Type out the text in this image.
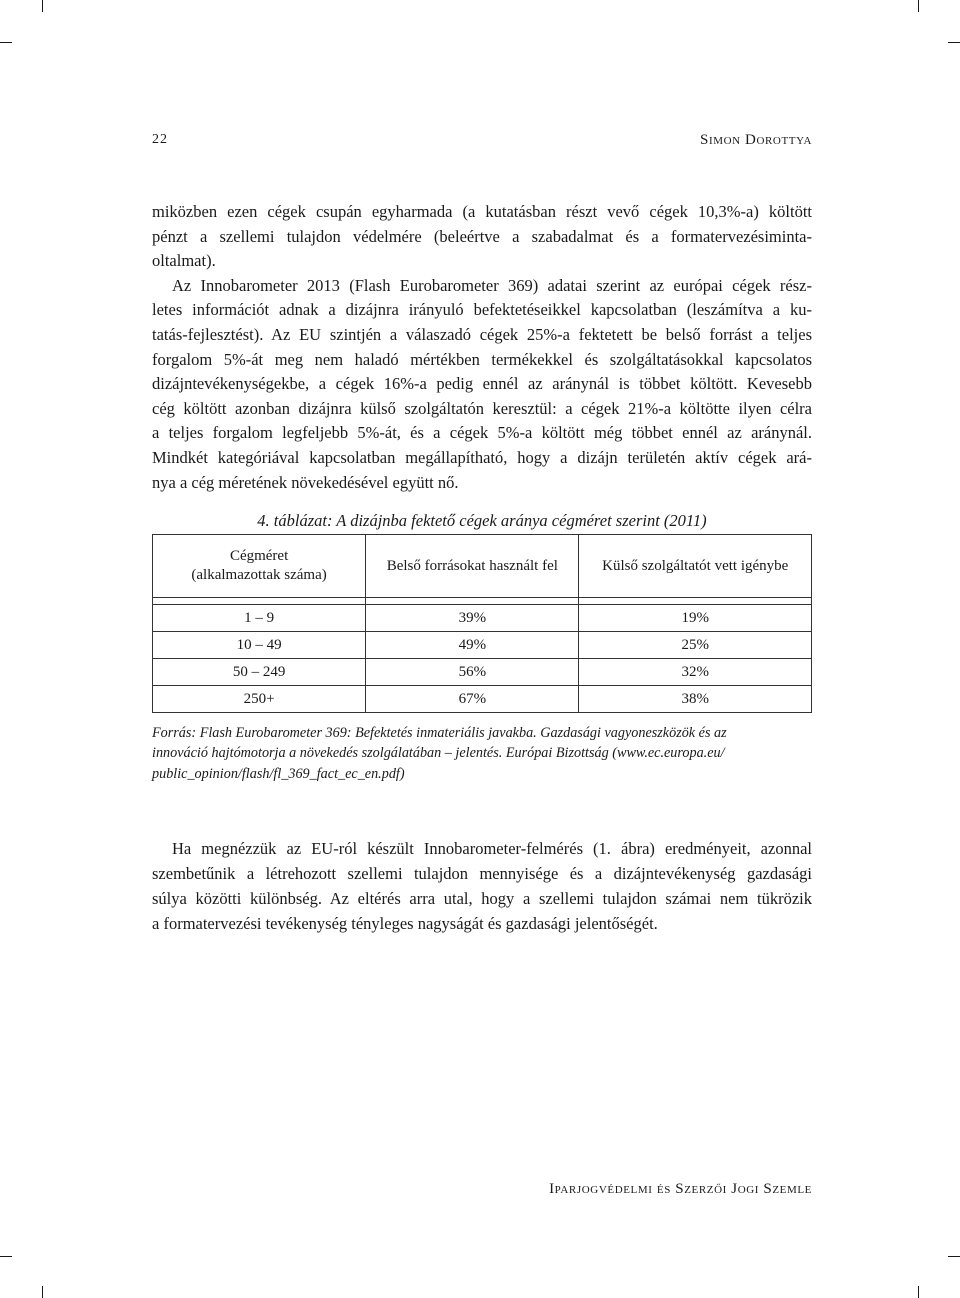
22	Simon Dorottya
miközben ezen cégek csupán egyharmada (a kutatásban részt vevő cégek 10,3%-a) költött
pénzt a szellemi tulajdon védelmére (beleértve a szabadalmat és a formatervezésiminta-
oltalmat).
Az Innobarometer 2013 (Flash Eurobarometer 369) adatai szerint az európai cégek rész-
letes információt adnak a dizájnra irányuló befektetéseikkel kapcsolatban (leszámítva a ku-
tatás-fejlesztést). Az EU szintjén a válaszadó cégek 25%-a fektetett be belső forrást a teljes
forgalom 5%-át meg nem haladó mértékben termékekkel és szolgáltatásokkal kapcsolatos
dizájntevékenységekbe, a cégek 16%-a pedig ennél az aránynál is többet költött. Kevesebb
cég költött azonban dizájnra külső szolgáltatón keresztül: a cégek 21%-a költötte ilyen célra
a teljes forgalom legfeljebb 5%-át, és a cégek 5%-a költött még többet ennél az aránynál.
Mindkét kategóriával kapcsolatban megállapítható, hogy a dizájn területén aktív cégek ará-
nya a cég méretének növekedésével együtt nő.
4. táblázat: A dizájnba fektető cégek aránya cégméret szerint (2011)
Cégméret
(alkalmazottak száma)	Belső forrásokat használt fel	Külső szolgáltatót vett igénybe

1 – 9	39%	19%
10 – 49	49%	25%
50 – 249	56%	32%
250+	67%	38%
Forrás: Flash Eurobarometer 369: Befektetés inmateriális javakba. Gazdasági vagyoneszközök és az
innováció hajtómotorja a növekedés szolgálatában – jelentés. Európai Bizottság (www.ec.europa.eu/
public_opinion/flash/fl_369_fact_ec_en.pdf)
Ha megnézzük az EU-ról készült Innobarometer-felmérés (1. ábra) eredményeit, azonnal
szembetűnik a létrehozott szellemi tulajdon mennyisége és a dizájntevékenység gazdasági
súlya közötti különbség. Az eltérés arra utal, hogy a szellemi tulajdon számai nem tükrözik
a formatervezési tevékenység tényleges nagyságát és gazdasági jelentőségét.
Iparjogvédelmi és Szerzői Jogi Szemle
